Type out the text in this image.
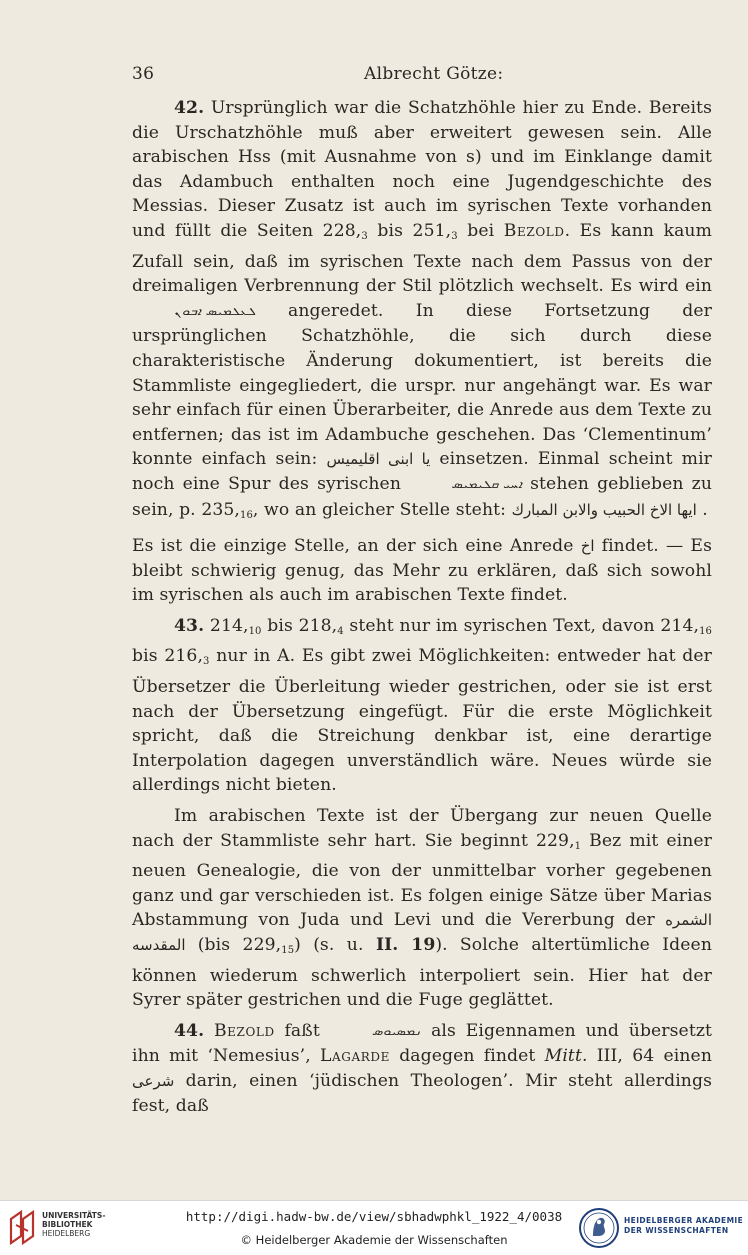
36	Albrecht Götze:

42. Ursprünglich war die Schatzhöhle hier zu Ende. Bereits die Urschatzhöhle muß aber erweitert gewesen sein. Alle arabischen Hss (mit Ausnahme von s) und im Einklange damit das Adambuch enthalten noch eine Jugendgeschichte des Messias. Dieser Zusatz ist auch im syrischen Texte vorhanden und füllt die Seiten $228,_3$ bis $251,_3$ bei Bezold. Es kann kaum Zufall sein, daß im syrischen Texte nach dem Passus von der dreimaligen Verbrennung der Stil plötzlich wechselt. Es wird ein ܠܥܠܡܝܣ ܐܒܘܢ angeredet. In diese Fortsetzung der ursprünglichen Schatzhöhle, die sich durch diese charakteristische Änderung dokumentiert, ist bereits die Stammliste eingegliedert, die urspr. nur angehängt war. Es war sehr einfach für einen Überarbeiter, die Anrede aus dem Texte zu entfernen; das ist im Adambuche geschehen. Das ‘Clementinum’ konnte einfach sein: يا ابنى اقليميس einsetzen. Einmal scheint mir noch eine Spur des syrischen	ܐܚܝ ܩܠܝܡܝܣ stehen geblieben zu sein, p. $235,_{16}$, wo an gleicher Stelle steht: ايها الاخ الحبيب والابن المبارك .

Es ist die einzige Stelle, an der sich eine Anrede اخ findet. — Es bleibt schwierig genug, das Mehr zu erklären, daß sich sowohl im syrischen als auch im arabischen Texte findet.

43. $214,_{10}$ bis $218,_4$ steht nur im syrischen Text, davon $214,_{16}$ bis $216,_3$ nur in A. Es gibt zwei Möglichkeiten: entweder hat der Übersetzer die Überleitung wieder gestrichen, oder sie ist erst nach der Übersetzung eingefügt. Für die erste Möglichkeit spricht, daß die Streichung denkbar ist, eine derartige Interpolation dagegen unverständlich wäre. Neues würde sie allerdings nicht bieten.

Im arabischen Texte ist der Übergang zur neuen Quelle nach der Stammliste sehr hart. Sie beginnt $229,_1$ Bez mit einer neuen Genealogie, die von der unmittelbar vorher gegebenen ganz und gar verschieden ist. Es folgen einige Sätze über Marias Abstammung von Juda und Levi und die Vererbung der الشمره المقدسه (bis $229,_{15}$) (s. u. II. 19). Solche altertümliche Ideen können wiederum schwerlich interpoliert sein. Hier hat der Syrer später gestrichen und die Fuge geglättet.

44. Bezold faßt	ܢܡܣܝܘܣ als Eigennamen und übersetzt ihn mit ‘Nemesius’, Lagarde dagegen findet Mitt. III, 64 einen شرعى darin, einen ‘jüdischen Theologen’. Mir steht allerdings fest, daß

UNIVERSITÄTS-
BIBLIOTHEK
HEIDELBERG
http://digi.hadw-bw.de/view/sbhadwphkl_1922_4/0038
© Heidelberger Akademie der Wissenschaften
HEIDELBERGER AKADEMIE
DER WISSENSCHAFTEN
